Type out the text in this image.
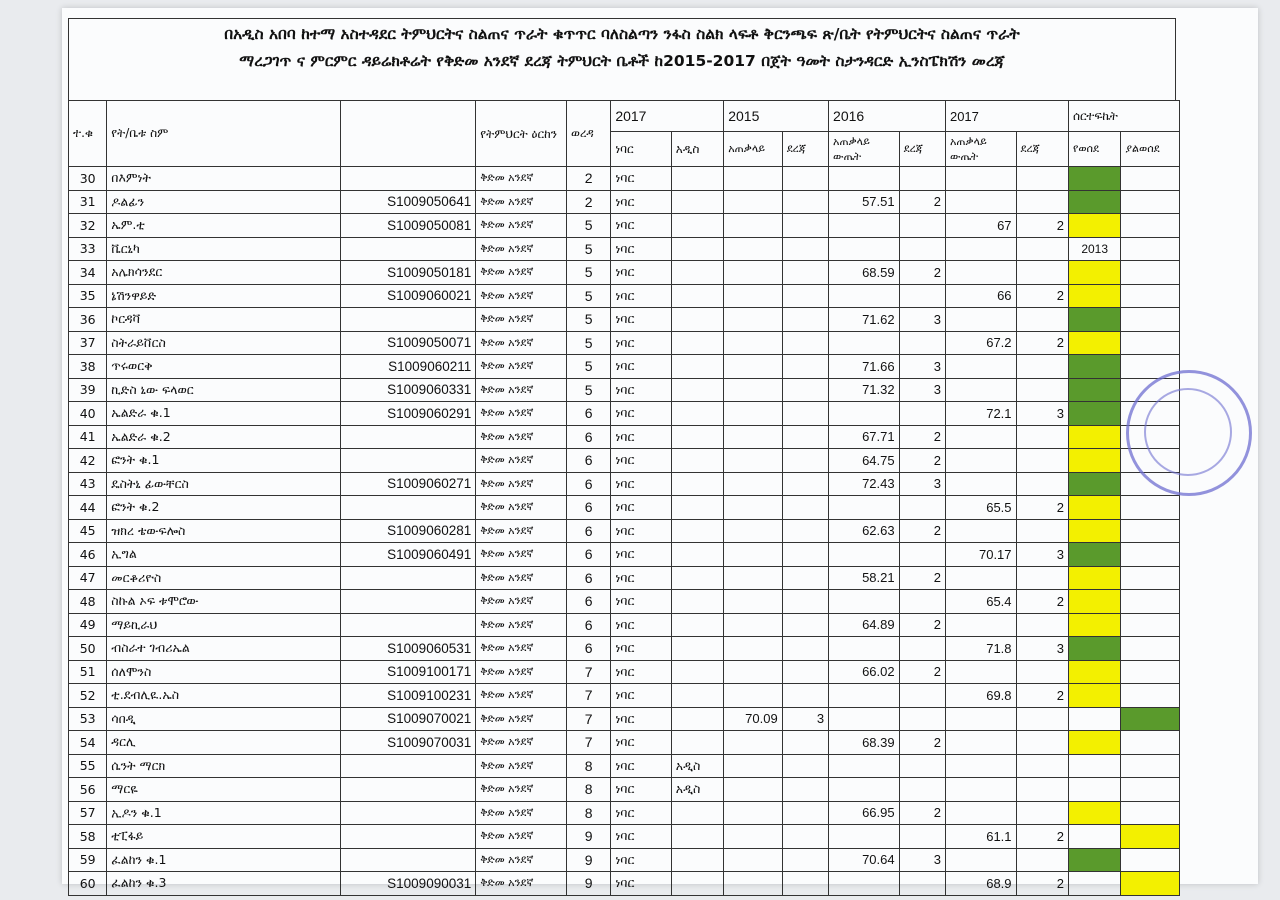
በአዲስ አበባ ከተማ አስተዳደር ትምህርትና ስልጠና ጥራት ቁጥጥር ባለስልጣን ንፋስ ስልክ ላፍቶ ቅርንጫፍ ጽ/ቤት የትምህርትና ስልጠና ጥራት
ማረጋገጥ ና ምርምር ዳይሬክቶሬት የቅድመ አንደኛ ደረጃ ትምህርት ቤቶች ከ2015-2017 በጀት ዓመት ስታንዳርድ ኢንስፔክሽን መረጃ
ተ.ቁ	የት/ቤቱ ስም		የትምህርት ዕርከን	ወረዳ	2017		2015		2016		2017		ሰርተፍኬት	
					ነባር	አዲስ	አጠቃላይ	ደረጃ	አጠቃላይ ውጤት	ደረጃ	አጠቃላይ ውጤት	ደረጃ	የወሰደ	ያልወሰደ
30	በእምነት		ቅድመ አንደኛ	2	ነባር									
31	ዶልፊን	S1009050641	ቅድመ አንደኛ	2	ነባር				57.51	2				
32	ኤም.ቲ	S1009050081	ቅድመ አንደኛ	5	ነባር						67	2		
33	ቬርኒካ		ቅድመ አንደኛ	5	ነባር								2013	
34	አሌክሳንደር	S1009050181	ቅድመ አንደኛ	5	ነባር				68.59	2				
35	ኔሽንዋይድ	S1009060021	ቅድመ አንደኛ	5	ነባር						66	2		
36	ኮርዳቫ		ቅድመ አንደኛ	5	ነባር				71.62	3				
37	ስትራይቨርስ	S1009050071	ቅድመ አንደኛ	5	ነባር						67.2	2		
38	ጥሩወርቅ	S1009060211	ቅድመ አንደኛ	5	ነባር				71.66	3				
39	ኪድስ ኒው ፍላወር	S1009060331	ቅድመ አንደኛ	5	ነባር				71.32	3				
40	ኤልድራ ቁ.1	S1009060291	ቅድመ አንደኛ	6	ነባር						72.1	3		
41	ኤልድራ ቁ.2		ቅድመ አንደኛ	6	ነባር				67.71	2				
42	ፎንት ቁ.1		ቅድመ አንደኛ	6	ነባር				64.75	2				
43	ዴስትኒ ፊውቸርስ	S1009060271	ቅድመ አንደኛ	6	ነባር				72.43	3				
44	ፎንት ቁ.2		ቅድመ አንደኛ	6	ነባር						65.5	2		
45	ዝክረ ቴውፍሎስ	S1009060281	ቅድመ አንደኛ	6	ነባር				62.63	2				
46	ኢግል	S1009060491	ቅድመ አንደኛ	6	ነባር						70.17	3		
47	መርቆሪዮስ		ቅድመ አንደኛ	6	ነባር				58.21	2				
48	ስኩል ኦፍ ቱሞሮው		ቅድመ አንደኛ	6	ነባር						65.4	2		
49	ማይኪራህ		ቅድመ አንደኛ	6	ነባር				64.89	2				
50	ብስራተ ገብሪኤል	S1009060531	ቅድመ አንደኛ	6	ነባር						71.8	3		
51	ሰለሞንስ	S1009100171	ቅድመ አንደኛ	7	ነባር				66.02	2				
52	ቲ.ደብሊዪ.ኤስ	S1009100231	ቅድመ አንደኛ	7	ነባር						69.8	2		
53	ሳበዲ	S1009070021	ቅድመ አንደኛ	7	ነባር		70.09	3						
54	ዳርሊ	S1009070031	ቅድመ አንደኛ	7	ነባር				68.39	2				
55	ሴንት ማርክ		ቅድመ አንደኛ	8	ነባር	አዲስ								
56	ማርዬ		ቅድመ አንደኛ	8	ነባር	አዲስ								
57	ኢዶን ቁ.1		ቅድመ አንደኛ	8	ነባር				66.95	2				
58	ቲፒፋይ		ቅድመ አንደኛ	9	ነባር						61.1	2		
59	ፈልከን ቁ.1		ቅድመ አንደኛ	9	ነባር				70.64	3				
60	ፈልከን ቁ.3	S1009090031	ቅድመ አንደኛ	9	ነባር						68.9	2		
